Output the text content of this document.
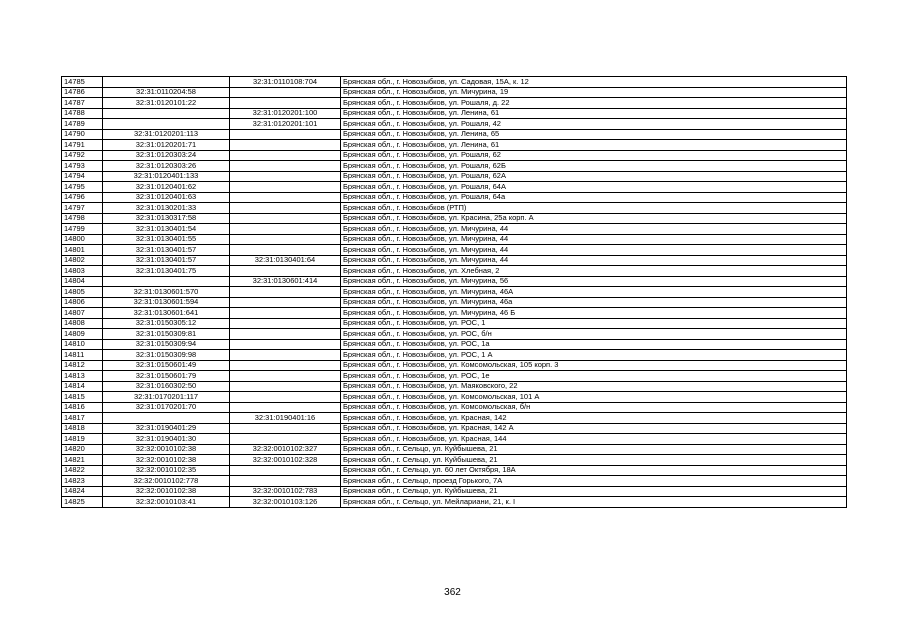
14785		32:31:0110108:704	Брянская обл., г. Новозыбков, ул. Садовая, 15А, к. 12
14786	32:31:0110204:58		Брянская обл., г. Новозыбков, ул. Мичурина, 19
14787	32:31:0120101:22		Брянская обл., г. Новозыбков, ул. Рошаля, д. 22
14788		32:31:0120201:100	Брянская обл., г. Новозыбков, ул. Ленина, 61
14789		32:31:0120201:101	Брянская обл., г. Новозыбков, ул. Рошаля, 42
14790	32:31:0120201:113		Брянская обл., г. Новозыбков, ул. Ленина, 65
14791	32:31:0120201:71		Брянская обл., г. Новозыбков, ул. Ленина, 61
14792	32:31:0120303:24		Брянская обл., г. Новозыбков, ул. Рошаля, 62
14793	32:31:0120303:26		Брянская обл., г. Новозыбков, ул. Рошаля, 62Б
14794	32:31:0120401:133		Брянская обл., г. Новозыбков, ул. Рошаля, 62А
14795	32:31:0120401:62		Брянская обл., г. Новозыбков, ул. Рошаля, 64А
14796	32:31:0120401:63		Брянская обл., г. Новозыбков, ул. Рошаля, 64а
14797	32:31:0130201:33		Брянская обл., г. Новозыбков (РТП)
14798	32:31:0130317:58		Брянская обл., г. Новозыбков, ул. Красина, 25а корп. А
14799	32:31:0130401:54		Брянская обл., г. Новозыбков, ул. Мичурина, 44
14800	32:31:0130401:55		Брянская обл., г. Новозыбков, ул. Мичурина, 44
14801	32:31:0130401:57		Брянская обл., г. Новозыбков, ул. Мичурина, 44
14802	32:31:0130401:57	32:31:0130401:64	Брянская обл., г. Новозыбков, ул. Мичурина, 44
14803	32:31:0130401:75		Брянская обл., г. Новозыбков, ул. Хлебная, 2
14804		32:31:0130601:414	Брянская обл., г. Новозыбков, ул. Мичурина, 56
14805	32:31:0130601:570		Брянская обл., г. Новозыбков, ул. Мичурина, 46А
14806	32:31:0130601:594		Брянская обл., г. Новозыбков, ул. Мичурина, 46а
14807	32:31:0130601:641		Брянская обл., г. Новозыбков, ул. Мичурина, 46 Б
14808	32:31:0150305:12		Брянская обл., г. Новозыбков, ул. РОС, 1
14809	32:31:0150309:81		Брянская обл., г. Новозыбков, ул. РОС, б/н
14810	32:31:0150309:94		Брянская обл., г. Новозыбков, ул. РОС, 1а
14811	32:31:0150309:98		Брянская обл., г. Новозыбков, ул. РОС, 1 А
14812	32:31:0150601:49		Брянская обл., г. Новозыбков, ул. Комсомольская, 105 корп. 3
14813	32:31:0150601:79		Брянская обл., г. Новозыбков, ул. РОС, 1е
14814	32:31:0160302:50		Брянская обл., г. Новозыбков, ул. Маяковского, 22
14815	32:31:0170201:117		Брянская обл., г. Новозыбков, ул. Комсомольская, 101 А
14816	32:31:0170201:70		Брянская обл., г. Новозыбков, ул. Комсомольская, б/н
14817		32:31:0190401:16	Брянская обл., г. Новозыбков, ул. Красная, 142
14818	32:31:0190401:29		Брянская обл., г. Новозыбков, ул. Красная, 142 А
14819	32:31:0190401:30		Брянская обл., г. Новозыбков, ул. Красная, 144
14820	32:32:0010102:38	32:32:0010102:327	Брянская обл., г. Сельцо, ул. Куйбышева, 21
14821	32:32:0010102:38	32:32:0010102:328	Брянская обл., г. Сельцо, ул. Куйбышева, 21
14822	32:32:0010102:35		Брянская обл., г. Сельцо, ул. 60 лет Октября, 18А
14823	32:32:0010102:778		Брянская обл., г. Сельцо, проезд Горького, 7А
14824	32:32:0010102:38	32:32:0010102:783	Брянская обл., г. Сельцо, ул. Куйбышева, 21
14825	32:32:0010103:41	32:32:0010103:126	Брянская обл., г. Сельцо, ул. Мейлариани, 21, к. I
362
